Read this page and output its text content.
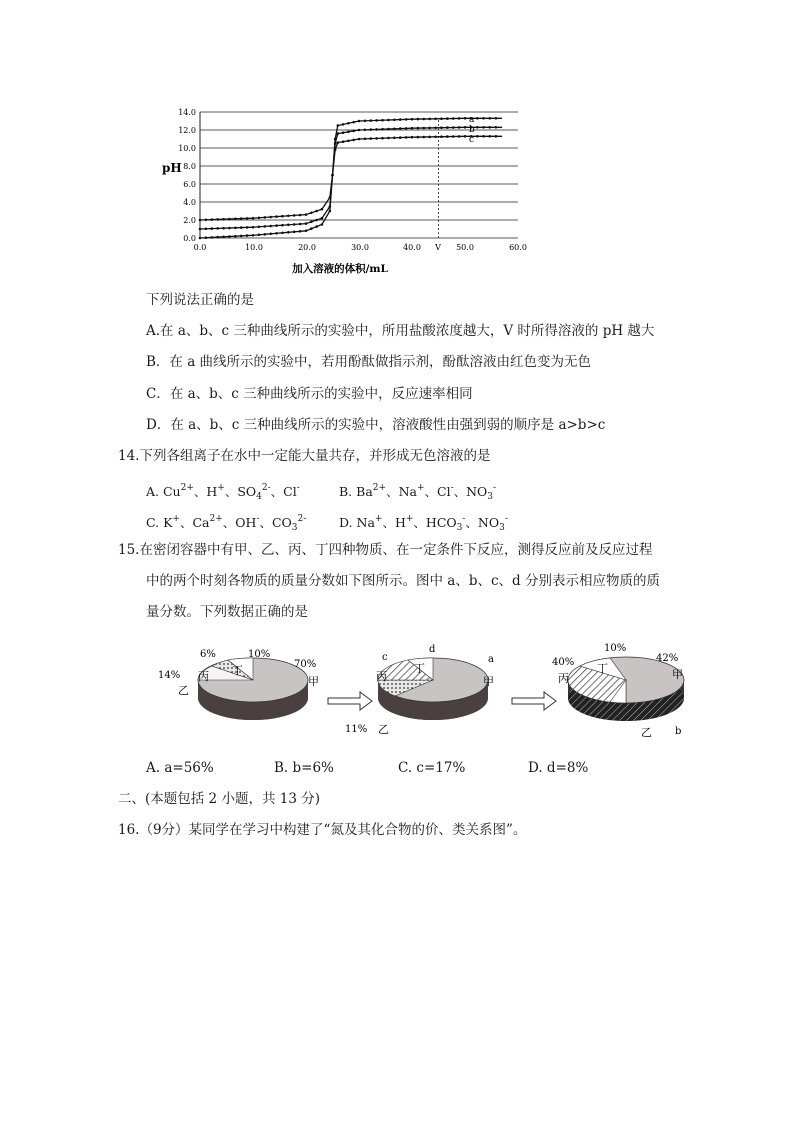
pH
0.0
2.0
4.0
6.0
8.0
10.0
12.0
14.0
0.0	10.0	20.0	30.0	40.0	50.0	60.0
V
a
b
c
加入溶液的体积/mL
下列说法正确的是
A.在 a、b、c 三种曲线所示的实验中，所用盐酸浓度越大，V 时所得溶液的 pH 越大
B．在 a 曲线所示的实验中，若用酚酞做指示剂，酚酞溶液由红色变为无色
C．在 a、b、c 三种曲线所示的实验中，反应速率相同
D．在 a、b、c 三种曲线所示的实验中，溶液酸性由强到弱的顺序是 a>b>c
14.下列各组离子在水中一定能大量共存，并形成无色溶液的是
A. $Cu^{2+}$、H+、$SO_4^{2-}$、Cl-	B. $Ba^{2+}$、Na+、Cl-、$NO_3^-$
C. K+、$Ca^{2+}$、OH-、$CO_3^{2-}$	D. Na+、H+、$HCO_3^-$、$NO_3^-$
15.在密闭容器中有甲、乙、丙、丁四种物质、在一定条件下反应，测得反应前及反应过程
中的两个时刻各物质的质量分数如下图所示。图中 a、b、c、d 分别表示相应物质的质
量分数。下列数据正确的是
6%	10%
70%
14%	丁
丙	甲
乙
c
d
a
丁
丙	甲
乙
11%
10%
42%
40% 丁
丙	甲
乙 b
A. a=56%	B. b=6%	C. c=17%	D. d=8%
二、(本题包括 2 小题，共 13 分)
16.（9分）某同学在学习中构建了“氮及其化合物的价、类关系图”。
